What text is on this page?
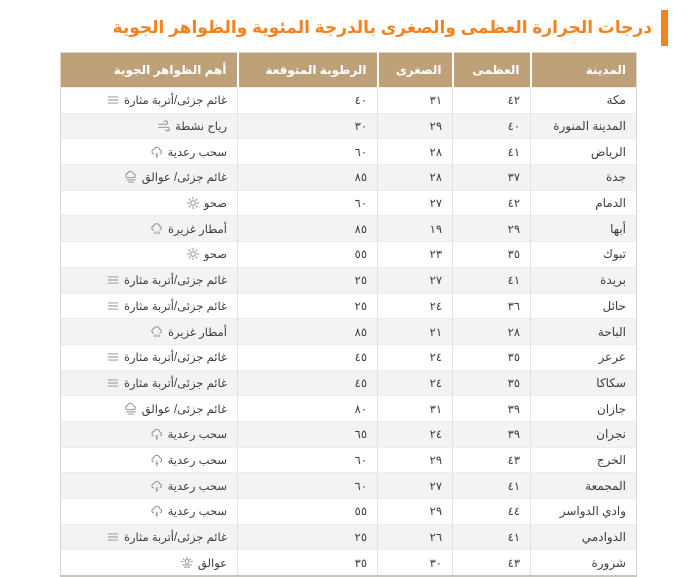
درجات الحرارة العظمى والصغرى بالدرجة المئوية والظواهر الجوية
المدينة	العظمى	الصغرى	الرطوبة المتوقعة	أهم الظواهر الجوية
مكة	٤٢	٣١	٤٠	غائم جزئى/أتربة مثارة
المدينة المنورة	٤٠	٢٩	٣٠	رياح نشطة
الرياض	٤١	٢٨	٦٠	سحب رعدية
جدة	٣٧	٢٨	٨٥	غائم جزئى/ عوالق
الدمام	٤٢	٢٧	٦٠	صحو
أبها	٢٩	١٩	٨٥	أمطار غزيرة
تبوك	٣٥	٢٣	٥٥	صحو
بريدة	٤١	٢٧	٢٥	غائم جزئى/أتربة مثارة
حائل	٣٦	٢٤	٢٥	غائم جزئى/أتربة مثارة
الباحة	٢٨	٢١	٨٥	أمطار غزيرة
عرعر	٣٥	٢٤	٤٥	غائم جزئى/أتربة مثارة
سكاكا	٣٥	٢٤	٤٥	غائم جزئى/أتربة مثارة
جازان	٣٩	٣١	٨٠	غائم جزئى/ عوالق
نجران	٣٩	٢٤	٦٥	سحب رعدية
الخرج	٤٣	٢٩	٦٠	سحب رعدية
المجمعة	٤١	٢٧	٦٠	سحب رعدية
وادي الدواسر	٤٤	٢٩	٥٥	سحب رعدية
الدوادمي	٤١	٢٦	٢٥	غائم جزئى/أتربة مثارة
شرورة	٤٣	٣٠	٣٥	عوالق
